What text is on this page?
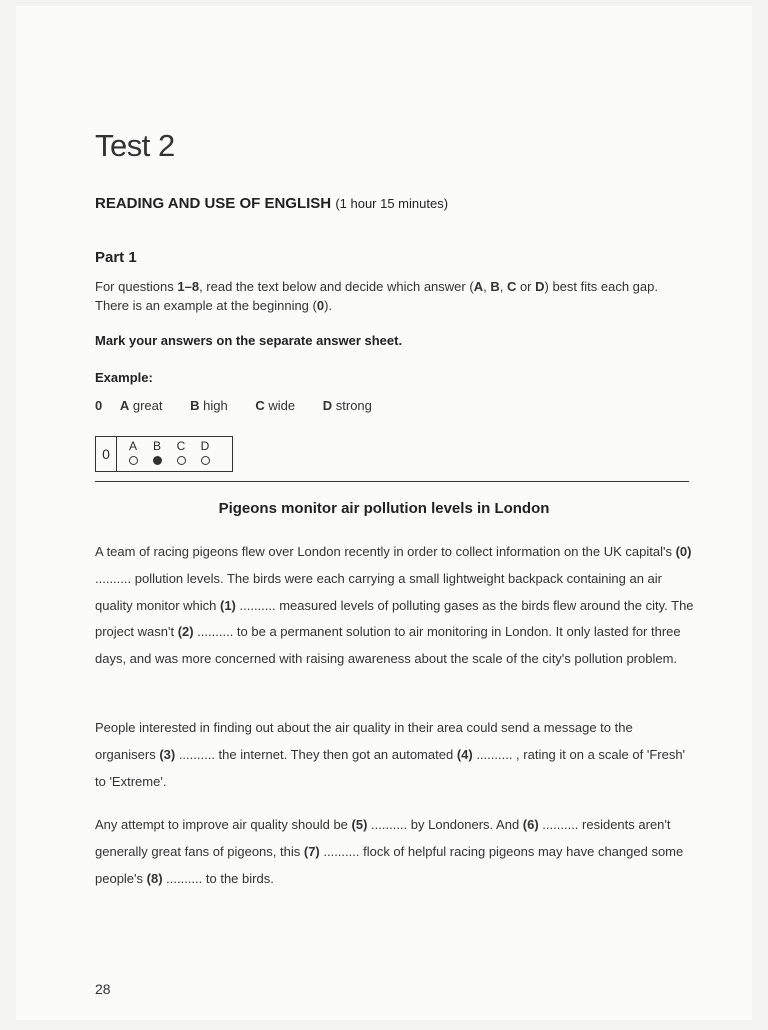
Test 2
READING AND USE OF ENGLISH (1 hour 15 minutes)
Part 1
For questions 1–8, read the text below and decide which answer (A, B, C or D) best fits each gap. There is an example at the beginning (0).
Mark your answers on the separate answer sheet.
Example:
0 A great B high C wide D strong
0	A B C D
Pigeons monitor air pollution levels in London
A team of racing pigeons flew over London recently in order to collect information on the UK capital's (0) .......... pollution levels. The birds were each carrying a small lightweight backpack containing an air quality monitor which (1) .......... measured levels of polluting gases as the birds flew around the city. The project wasn't (2) .......... to be a permanent solution to air monitoring in London. It only lasted for three days, and was more concerned with raising awareness about the scale of the city's pollution problem.
People interested in finding out about the air quality in their area could send a message to the organisers (3) .......... the internet. They then got an automated (4) .......... , rating it on a scale of 'Fresh' to 'Extreme'.
Any attempt to improve air quality should be (5) .......... by Londoners. And (6) .......... residents aren't generally great fans of pigeons, this (7) .......... flock of helpful racing pigeons may have changed some people's (8) .......... to the birds.
28
